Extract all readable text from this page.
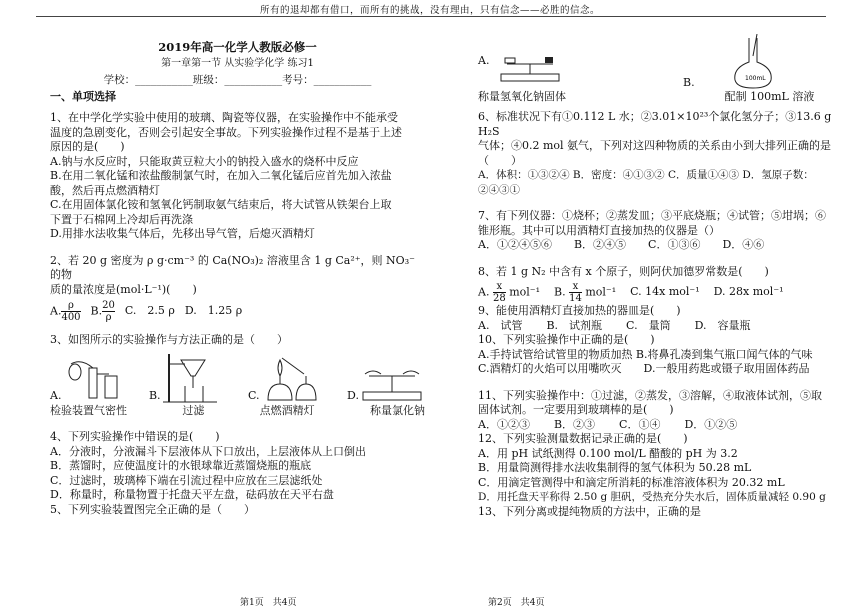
所有的退却都有借口，而所有的挑战，没有理由，只有信念——必胜的信念。
2019年高一化学人教版必修一
第一章第一节 从实验学化学 练习1
学校：___________班级：___________考号：___________
一、单项选择

1、在中学化学实验中使用的玻璃、陶瓷等仪器，在实验操作中不能承受

温度的急剧变化，否则会引起安全事故。下列实验操作过程不是基于上述

原因的是(　　)

A.钠与水反应时，只能取黄豆粒大小的钠投入盛水的烧杯中反应

B.在用二氧化锰和浓盐酸制氯气时，在加入二氧化锰后应首先加入浓盐

酸，然后再点燃酒精灯

C.在用固体氯化铵和氢氧化钙制取氨气结束后，将大试管从铁架台上取

下置于石棉网上冷却后再洗涤

D.用排水法收集气体后，先移出导气管，后熄灭酒精灯

2、若 20 g 密度为 ρ g·cm⁻³ 的 Ca(NO₃)₂ 溶液里含 1 g Ca²⁺，则 NO₃⁻ 的物

质的量浓度是(mol·L⁻¹)(　　)

A. $\frac{\rho}{400} B$. $\frac{20}{\rho} C$.　2.5 ρ D.　1.25 ρ

3、如图所示的实验操作与方法正确的是（　　）

A.	B.	C.	D.
检验装置气密性	过滤	点燃酒精灯	称量氯化钠

4、下列实验操作中错误的是(　　)

A．分液时，分液漏斗下层液体从下口放出，上层液体从上口倒出

B．蒸馏时，应使温度计的水银球靠近蒸馏烧瓶的瓶底

C．过滤时，玻璃棒下端在引流过程中应放在三层滤纸处

D．称量时，称量物置于托盘天平左盘，砝码放在天平右盘

5、下列实验装置图完全正确的是（　　）

A.

称量氢氧化钠固体

100mL
B.
配制 100mL 溶液

6、标准状况下有①0.112 L 水；②3.01×10²³个氯化氢分子；③13.6 g H₂S

气体；④0.2 mol 氨气，下列对这四种物质的关系由小到大排列正确的是

（　　）

A．体积：①③②④ B．密度：④①③② C．质量①④③ D．氢原子数：②④③①

7、有下列仪器：①烧杯；②蒸发皿；③平底烧瓶；④试管；⑤坩埚；⑥

锥形瓶。其中可以用酒精灯直接加热的仪器是（）

A．①②④⑤⑥ B．②④⑤ C．①③⑥ D．④⑥

8、若 1 g N₂ 中含有 x 个原子，则阿伏加德罗常数是(　　)

A. $\frac{x}{28} mol^{-1}$ B. $\frac{x}{14} mol^{-1}$ C. 14x mol⁻¹ D. 28x mol⁻¹

9、能使用酒精灯直接加热的器皿是(　　)

A.　试管 B.　试剂瓶 C.　量筒 D.　容量瓶

10、下列实验操作中正确的是(　　)

A.手持试管给试管里的物质加热 B.将鼻孔凑到集气瓶口闻气体的气味

C.酒精灯的火焰可以用嘴吹灭　　D.一般用药匙或镊子取用固体药品

11、下列实验操作中：①过滤，②蒸发，③溶解，④取液体试剂，⑤取

固体试剂。一定要用到玻璃棒的是(　　)

A．①②③ B．②③ C．①④ D．①②⑤

12、下列实验测量数据记录正确的是(　　)

A．用 pH 试纸测得 0.100 mol/L 醋酸的 pH 为 3.2

B．用量筒测得排水法收集制得的氢气体积为 50.28 mL

C．用滴定管测得中和滴定所消耗的标准溶液体积为 20.32 mL

D．用托盘天平称得 2.50 g 胆矾，受热充分失水后，固体质量减轻 0.90 g

13、下列分离或提纯物质的方法中，正确的是

第1页　共4页	第2页　共4页
